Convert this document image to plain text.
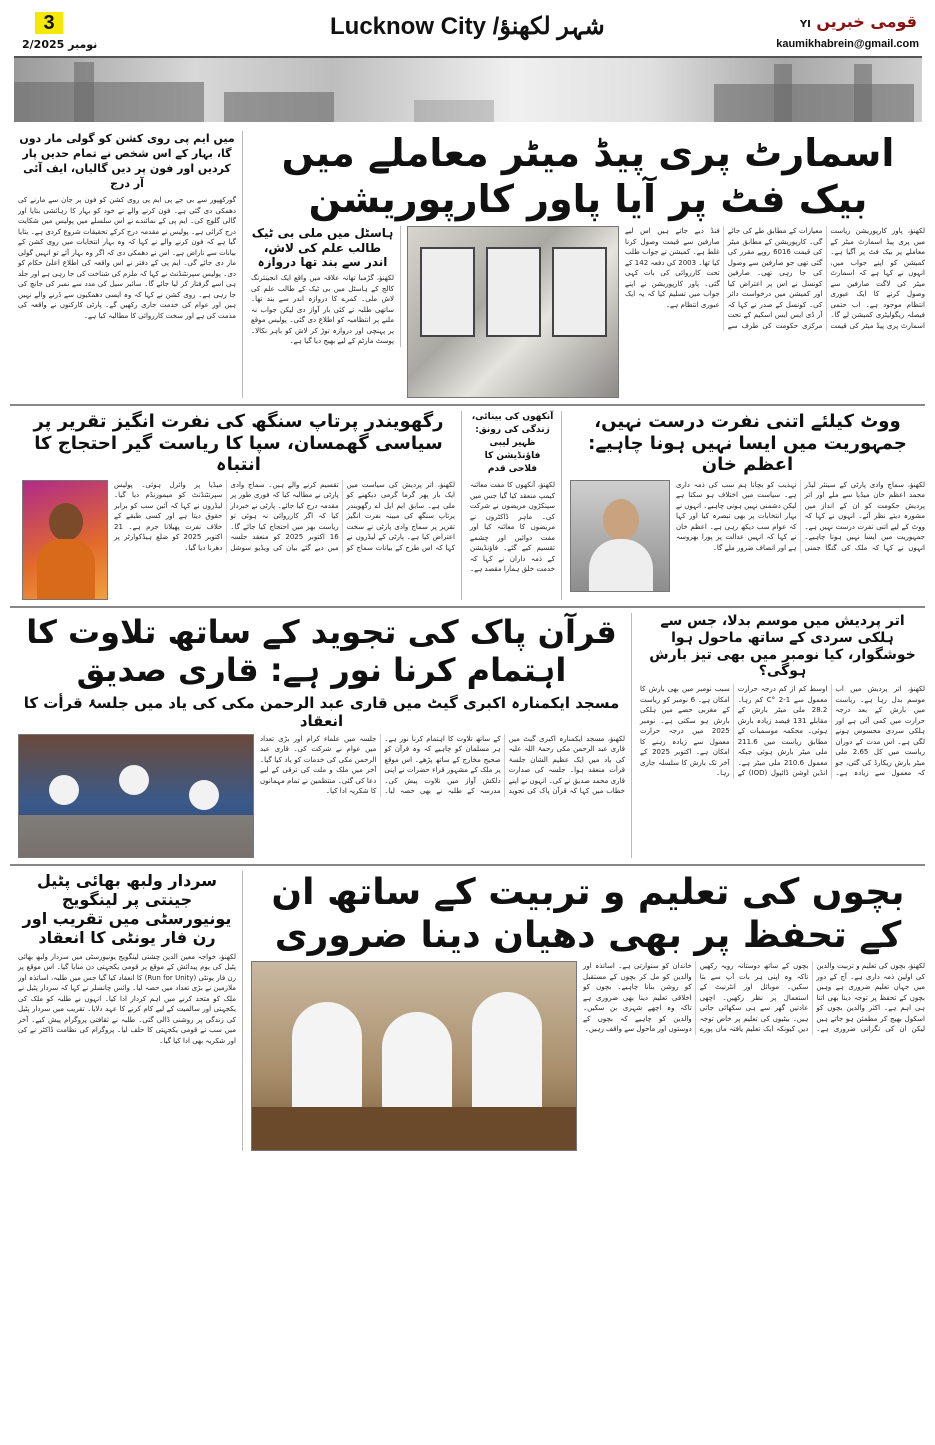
3
2/نومبر 2025
Lucknow City /شہر لکھنؤ	قومی خبریں YI
kaumikhabrein@gmail.com
اسمارٹ پری پیڈ میٹر معاملے میں بیک فٹ پر آیا پاور کارپوریشن
لکھنؤ، پاور کارپوریشن ریاست میں پری پیڈ اسمارٹ میٹر کے معاملے پر بیک فٹ پر آگیا ہے۔ کمیشن کو اپنے جواب میں، انہوں نے کہا ہے کہ اسمارٹ میٹر کی لاگت صارفین سے وصول کرنے کا ایک عبوری انتظام موجود ہے۔ اب حتمی فیصلہ ریگولیٹری کمیشن لے گا۔ اسمارٹ پری پیڈ میٹر کی قیمت معیارات کے مطابق طے کی جائے گی۔ کارپوریشن کے مطابق میٹر کی قیمت 6016 روپے مقرر کی گئی تھی جو صارفین سے وصول کی جا رہی تھی۔ صارفین کونسل نے اس پر اعتراض کیا اور کمیشن میں درخواست دائر کی۔ کونسل کے صدر نے کہا کہ آر ڈی ایس ایس اسکیم کے تحت مرکزی حکومت کی طرف سے فنڈ دیے جاتے ہیں اس لیے صارفین سے قیمت وصول کرنا غلط ہے۔ کمیشن نے جواب طلب کیا تھا۔ 2003 کی دفعہ 142 کے تحت کارروائی کی بات کہی گئی۔ پاور کارپوریشن نے اپنے جواب میں تسلیم کیا کہ یہ ایک عبوری انتظام ہے۔
ہاسٹل میں ملی بی ٹیک طالب علم کی لاش، اندر سے بند تھا دروازہ
لکھنؤ، گڑمبا تھانہ علاقہ میں واقع ایک انجینئرنگ کالج کے ہاسٹل میں بی ٹیک کے طالب علم کی لاش ملی۔ کمرے کا دروازہ اندر سے بند تھا۔ ساتھی طلبہ نے کئی بار آواز دی لیکن جواب نہ ملنے پر انتظامیہ کو اطلاع دی گئی۔ پولیس موقع پر پہنچی اور دروازہ توڑ کر لاش کو باہر نکالا۔ پوسٹ مارٹم کے لیے بھیج دیا گیا ہے۔
میں ایم پی روی کشن کو گولی مار دوں گا، بہار کے اس شخص نے تمام حدیں پار کردیں اور فون پر دیں گالیاں، ایف آئی آر درج
گورکھپور سے بی جے پی ایم پی روی کشن کو فون پر جان سے مارنے کی دھمکی دی گئی ہے۔ فون کرنے والے نے خود کو بہار کا رہائشی بتایا اور گالی گلوچ کی۔ ایم پی کے نمائندے نے اس سلسلے میں پولیس میں شکایت درج کرائی ہے۔ پولیس نے مقدمہ درج کرکے تحقیقات شروع کردی ہے۔ بتایا گیا ہے کہ فون کرنے والے نے کہا کہ وہ بہار انتخابات میں روی کشن کے بیانات سے ناراض ہے۔ اس نے دھمکی دی کہ اگر وہ بہار آئے تو انہیں گولی مار دی جائے گی۔ ایم پی کے دفتر نے اس واقعہ کی اطلاع اعلیٰ حکام کو دی۔ پولیس سپرنٹنڈنٹ نے کہا کہ ملزم کی شناخت کی جا رہی ہے اور جلد ہی اسے گرفتار کر لیا جائے گا۔ سائبر سیل کی مدد سے نمبر کی جانچ کی جا رہی ہے۔ روی کشن نے کہا کہ وہ ایسی دھمکیوں سے ڈرنے والے نہیں ہیں اور عوام کی خدمت جاری رکھیں گے۔ پارٹی کارکنوں نے واقعہ کی مذمت کی ہے اور سخت کارروائی کا مطالبہ کیا ہے۔
ووٹ کیلئے اتنی نفرت درست نہیں، جمہوریت میں ایسا نہیں ہونا چاہیے: اعظم خان
لکھنؤ، سماج وادی پارٹی کے سینئر لیڈر محمد اعظم خان میڈیا سے ملے اور اتر پردیش حکومت کو ان کے انداز میں مشورہ دیتے نظر آئے۔ انہوں نے کہا کہ ووٹ کے لیے اتنی نفرت درست نہیں ہے۔ جمہوریت میں ایسا نہیں ہونا چاہیے۔ انہوں نے کہا کہ ملک کی گنگا جمنی تہذیب کو بچانا ہم سب کی ذمہ داری ہے۔ سیاست میں اختلاف ہو سکتا ہے لیکن دشمنی نہیں ہونی چاہیے۔ انہوں نے بہار انتخابات پر بھی تبصرہ کیا اور کہا کہ عوام سب دیکھ رہی ہے۔ اعظم خان نے کہا کہ انہیں عدالت پر پورا بھروسہ ہے اور انصاف ضرور ملے گا۔
آنکھوں کی بینائی، زندگی کی رونق: ظہیر لیبی فاؤنڈیشن کا فلاحی قدم
لکھنؤ، آنکھوں کا مفت معائنہ کیمپ منعقد کیا گیا جس میں سینکڑوں مریضوں نے شرکت کی۔ ماہر ڈاکٹروں نے مریضوں کا معائنہ کیا اور مفت دوائیں اور چشمے تقسیم کیے گئے۔ فاؤنڈیشن کے ذمہ داران نے کہا کہ خدمت خلق ہمارا مقصد ہے۔
رگھویندر پرتاپ سنگھ کی نفرت انگیز تقریر پر سیاسی گھمسان، سپا کا ریاست گیر احتجاج کا انتباہ
لکھنؤ، اتر پردیش کی سیاست میں ایک بار پھر گرما گرمی دیکھنے کو ملی ہے۔ سابق ایم ایل اے رگھویندر پرتاپ سنگھ کی مبینہ نفرت انگیز تقریر پر سماج وادی پارٹی نے سخت اعتراض کیا ہے۔ پارٹی کے لیڈروں نے کہا کہ اس طرح کے بیانات سماج کو تقسیم کرنے والے ہیں۔ سماج وادی پارٹی نے مطالبہ کیا کہ فوری طور پر مقدمہ درج کیا جائے۔ پارٹی نے خبردار کیا کہ اگر کارروائی نہ ہوئی تو ریاست بھر میں احتجاج کیا جائے گا۔ 16 اکتوبر 2025 کو منعقد جلسہ میں دیے گئے بیان کی ویڈیو سوشل میڈیا پر وائرل ہوئی۔ پولیس سپرنٹنڈنٹ کو میمورنڈم دیا گیا۔ لیڈروں نے کہا کہ آئین سب کو برابر حقوق دیتا ہے اور کسی طبقے کے خلاف نفرت پھیلانا جرم ہے۔ 21 اکتوبر 2025 کو ضلع ہیڈکوارٹر پر دھرنا دیا گیا۔
اتر پردیش میں موسم بدلا، جس سے ہلکی سردی کے ساتھ ماحول ہوا خوشگوار، کیا نومبر میں بھی تیز بارش ہوگی؟
لکھنؤ، اتر پردیش میں اب موسم بدل رہا ہے۔ ریاست میں بارش کے بعد درجہ حرارت میں کمی آئی ہے اور ہلکی سردی محسوس ہونے لگی ہے۔ اس مدت کے دوران ریاست میں کل 2.65 ملی میٹر بارش ریکارڈ کی گئی، جو کہ معمول سے زیادہ ہے۔ اوسط کم از کم درجہ حرارت معمول سے 1-2 °C کم رہا۔ 28.2 ملی میٹر بارش کے مقابلے 131 فیصد زیادہ بارش ہوئی۔ محکمہ موسمیات کے مطابق ریاست میں 211.6 ملی میٹر بارش ہوئی جبکہ معمول 210.6 ملی میٹر ہے۔ انڈین اوشن ڈائپول (IOD) کے سبب نومبر میں بھی بارش کا امکان ہے۔ 6 نومبر کو ریاست کے مغربی حصے میں ہلکی بارش ہو سکتی ہے۔ نومبر 2025 میں درجہ حرارت معمول سے زیادہ رہنے کا امکان ہے۔ اکتوبر 2025 کے آخر تک بارش کا سلسلہ جاری رہا۔
قرآن پاک کی تجوید کے ساتھ تلاوت کا اہتمام کرنا نور ہے: قاری صدیق
مسجد ایکمنارہ اکبری گیٹ میں قاری عبد الرحمن مکی کی یاد میں جلسۂ قرأت کا انعقاد
لکھنؤ، مسجد ایکمنارہ اکبری گیٹ میں قاری عبد الرحمن مکی رحمۃ اللہ علیہ کی یاد میں ایک عظیم الشان جلسۂ قرأت منعقد ہوا۔ جلسہ کی صدارت قاری محمد صدیق نے کی۔ انہوں نے اپنے خطاب میں کہا کہ قرآن پاک کی تجوید کے ساتھ تلاوت کا اہتمام کرنا نور ہے۔ ہر مسلمان کو چاہیے کہ وہ قرآن کو صحیح مخارج کے ساتھ پڑھے۔ اس موقع پر ملک کے مشہور قراء حضرات نے اپنی دلکش آواز میں تلاوت پیش کی۔ مدرسہ کے طلبہ نے بھی حصہ لیا۔ جلسہ میں علماء کرام اور بڑی تعداد میں عوام نے شرکت کی۔ قاری عبد الرحمن مکی کی خدمات کو یاد کیا گیا۔ آخر میں ملک و ملت کی ترقی کے لیے دعا کی گئی۔ منتظمین نے تمام مہمانوں کا شکریہ ادا کیا۔
بچوں کی تعلیم و تربیت کے ساتھ ان کے تحفظ پر بھی دھیان دینا ضروری
لکھنؤ، بچوں کی تعلیم و تربیت والدین کی اولین ذمہ داری ہے۔ آج کے دور میں جہاں تعلیم ضروری ہے وہیں بچوں کے تحفظ پر توجہ دینا بھی اتنا ہی اہم ہے۔ اکثر والدین بچوں کو اسکول بھیج کر مطمئن ہو جاتے ہیں لیکن ان کی نگرانی ضروری ہے۔ بچوں کے ساتھ دوستانہ رویہ رکھیں تاکہ وہ اپنی ہر بات آپ سے بتا سکیں۔ موبائل اور انٹرنیٹ کے استعمال پر نظر رکھیں۔ اچھی عادتیں گھر سے ہی سکھائی جاتی ہیں۔ بیٹیوں کی تعلیم پر خاص توجہ دیں کیونکہ ایک تعلیم یافتہ ماں پورے خاندان کو سنوارتی ہے۔ اساتذہ اور والدین کو مل کر بچوں کے مستقبل کو روشن بنانا چاہیے۔ بچوں کو اخلاقی تعلیم دینا بھی ضروری ہے تاکہ وہ اچھے شہری بن سکیں۔ والدین کو چاہیے کہ بچوں کے دوستوں اور ماحول سے واقف رہیں۔
سردار ولبھ بھائی پٹیل جینتی پر لینگویج یونیورسٹی میں تقریب اور رن فار یونٹی کا انعقاد
لکھنؤ، خواجہ معین الدین چشتی لینگویج یونیورسٹی میں سردار ولبھ بھائی پٹیل کی یوم پیدائش کے موقع پر قومی یکجہتی دن منایا گیا۔ اس موقع پر رن فار یونٹی (Run for Unity) کا انعقاد کیا گیا جس میں طلبہ، اساتذہ اور ملازمین نے بڑی تعداد میں حصہ لیا۔ وائس چانسلر نے کہا کہ سردار پٹیل نے ملک کو متحد کرنے میں اہم کردار ادا کیا۔ انہوں نے طلبہ کو ملک کی یکجہتی اور سالمیت کے لیے کام کرنے کا عہد دلایا۔ تقریب میں سردار پٹیل کی زندگی پر روشنی ڈالی گئی۔ طلبہ نے ثقافتی پروگرام پیش کیے۔ آخر میں سب نے قومی یکجہتی کا حلف لیا۔ پروگرام کی نظامت ڈاکٹر نے کی اور شکریہ بھی ادا کیا گیا۔
